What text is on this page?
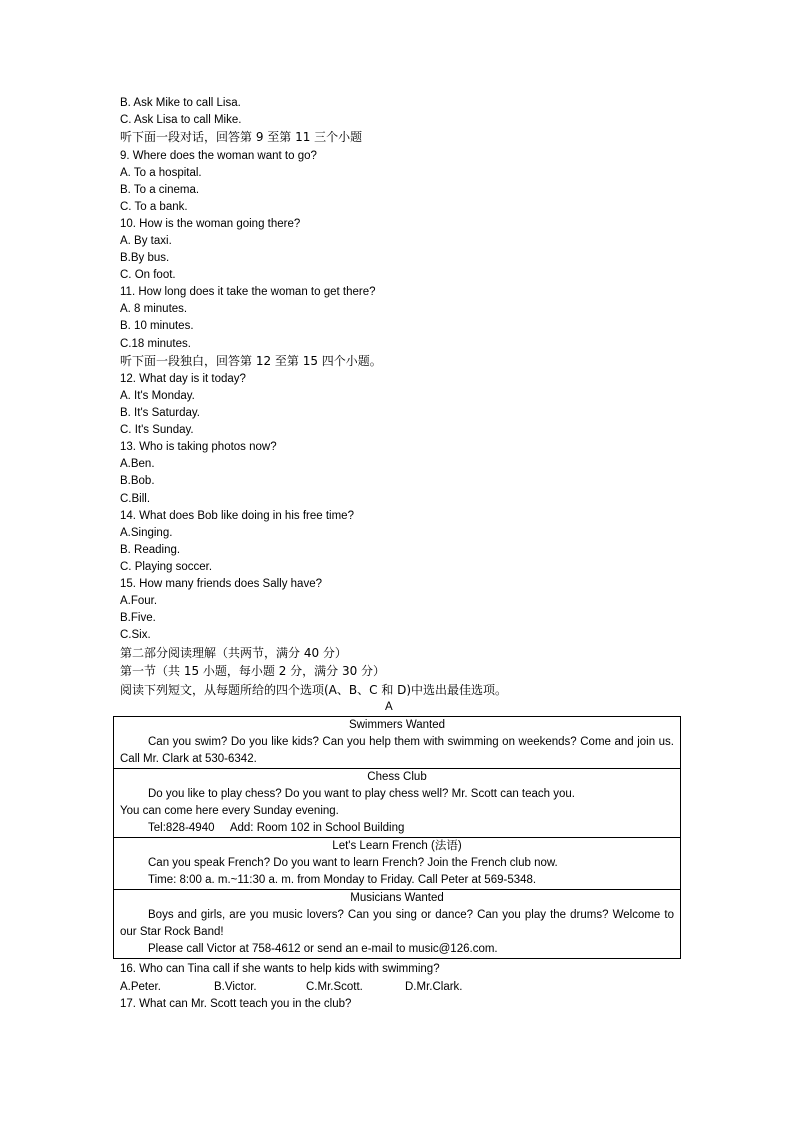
B. Ask Mike to call Lisa.
C. Ask Lisa to call Mike.
听下面一段对话，回答第 9 至第 11 三个小题
9. Where does the woman want to go?
A. To a hospital.
B. To a cinema.
C. To a bank.
10. How is the woman going there?
A. By taxi.
B.By bus.
C. On foot.
11. How long does it take the woman to get there?
A. 8 minutes.
B. 10 minutes.
C.18 minutes.
听下面一段独白，回答第 12 至第 15 四个小题。
12. What day is it today?
A. It's Monday.
B. It's Saturday.
C. It's Sunday.
13. Who is taking photos now?
A.Ben.
B.Bob.
C.Bill.
14. What does Bob like doing in his free time?
A.Singing.
B. Reading.
C. Playing soccer.
15. How many friends does Sally have?
A.Four.
B.Five.
C.Six.
第二部分阅读理解（共两节，满分 40 分）
第一节（共 15 小题，每小题 2 分，满分 30 分）
阅读下列短文，从每题所给的四个选项(A、B、C 和 D)中选出最佳选项。
A
Swimmers Wanted
Can you swim? Do you like kids? Can you help them with swimming on weekends? Come and join us. Call Mr. Clark at 530-6342.

Chess Club
Do you like to play chess? Do you want to play chess well? Mr. Scott can teach you.
You can come here every Sunday evening.
Tel:828-4940     Add: Room 102 in School Building

Let's Learn French (法语)
Can you speak French? Do you want to learn French? Join the French club now.
Time: 8:00 a. m.~11:30 a. m. from Monday to Friday. Call Peter at 569-5348.

Musicians Wanted
Boys and girls, are you music lovers? Can you sing or dance? Can you play the drums? Welcome to our Star Rock Band!
Please call Victor at 758-4612 or send an e-mail to music@126.com.
16. Who can Tina call if she wants to help kids with swimming?
A.Peter.	B.Victor.	C.Mr.Scott.	D.Mr.Clark.
17. What can Mr. Scott teach you in the club?
